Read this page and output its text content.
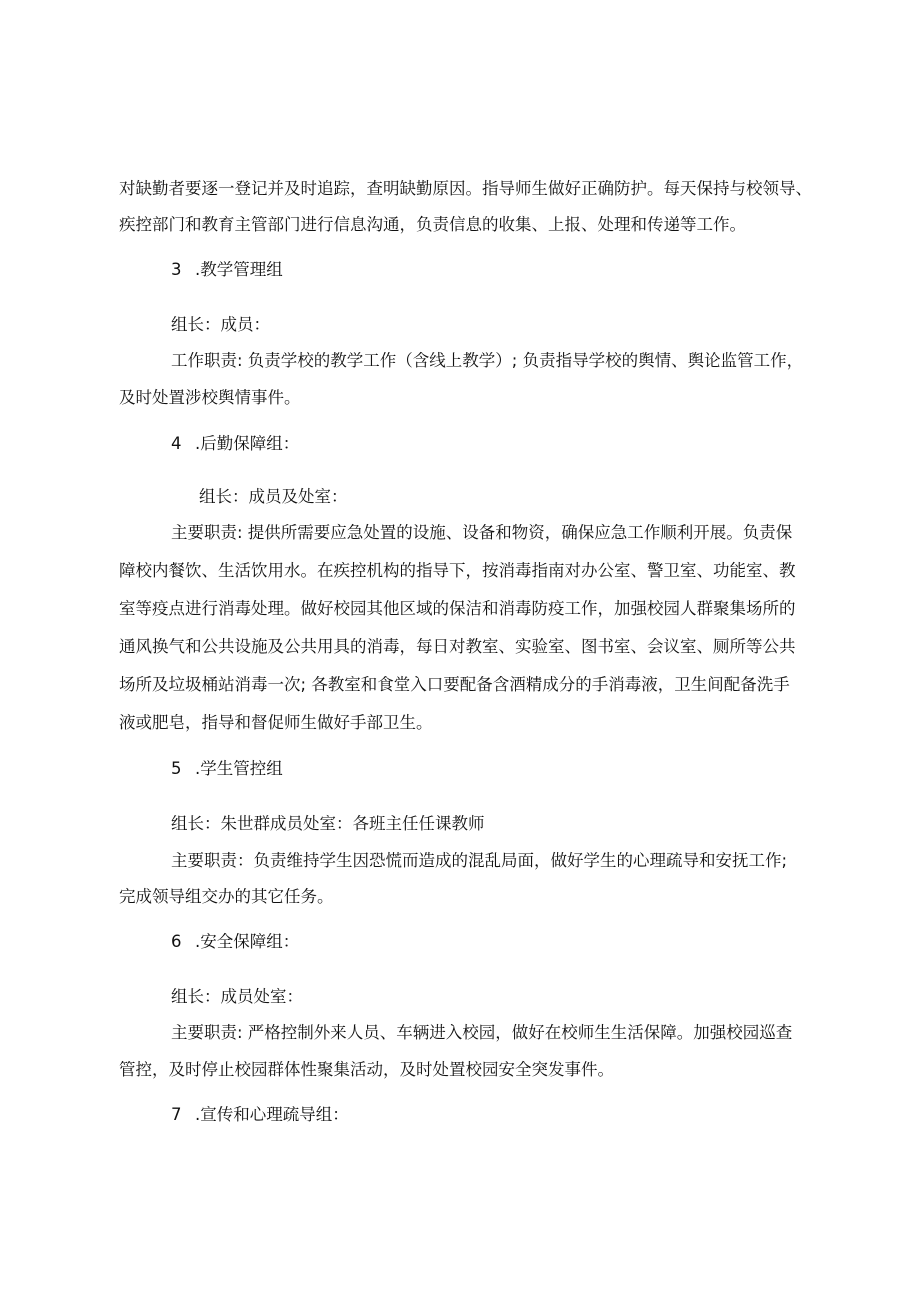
对缺勤者要逐一登记并及时追踪，查明缺勤原因。指导师生做好正确防护。每天保持与校领导、
疾控部门和教育主管部门进行信息沟通，负责信息的收集、上报、处理和传递等工作。
3 .教学管理组
组长：成员：
工作职责: 负责学校的教学工作（含线上教学）; 负责指导学校的舆情、舆论监管工作，
及时处置涉校舆情事件。
4 .后勤保障组：
组长：成员及处室：
主要职责: 提供所需要应急处置的设施、设备和物资，确保应急工作顺利开展。负责保
障校内餐饮、生活饮用水。在疾控机构的指导下，按消毒指南对办公室、警卫室、功能室、教
室等疫点进行消毒处理。做好校园其他区域的保洁和消毒防疫工作，加强校园人群聚集场所的
通风换气和公共设施及公共用具的消毒，每日对教室、实验室、图书室、会议室、厕所等公共
场所及垃圾桶站消毒一次; 各教室和食堂入口要配备含酒精成分的手消毒液，卫生间配备洗手
液或肥皂，指导和督促师生做好手部卫生。
5 .学生管控组
组长：朱世群成员处室：各班主任任课教师
主要职责：负责维持学生因恐慌而造成的混乱局面，做好学生的心理疏导和安抚工作;
完成领导组交办的其它任务。
6 .安全保障组：
组长：成员处室：
主要职责: 严格控制外来人员、车辆进入校园，做好在校师生生活保障。加强校园巡查
管控，及时停止校园群体性聚集活动，及时处置校园安全突发事件。
7 .宣传和心理疏导组：
